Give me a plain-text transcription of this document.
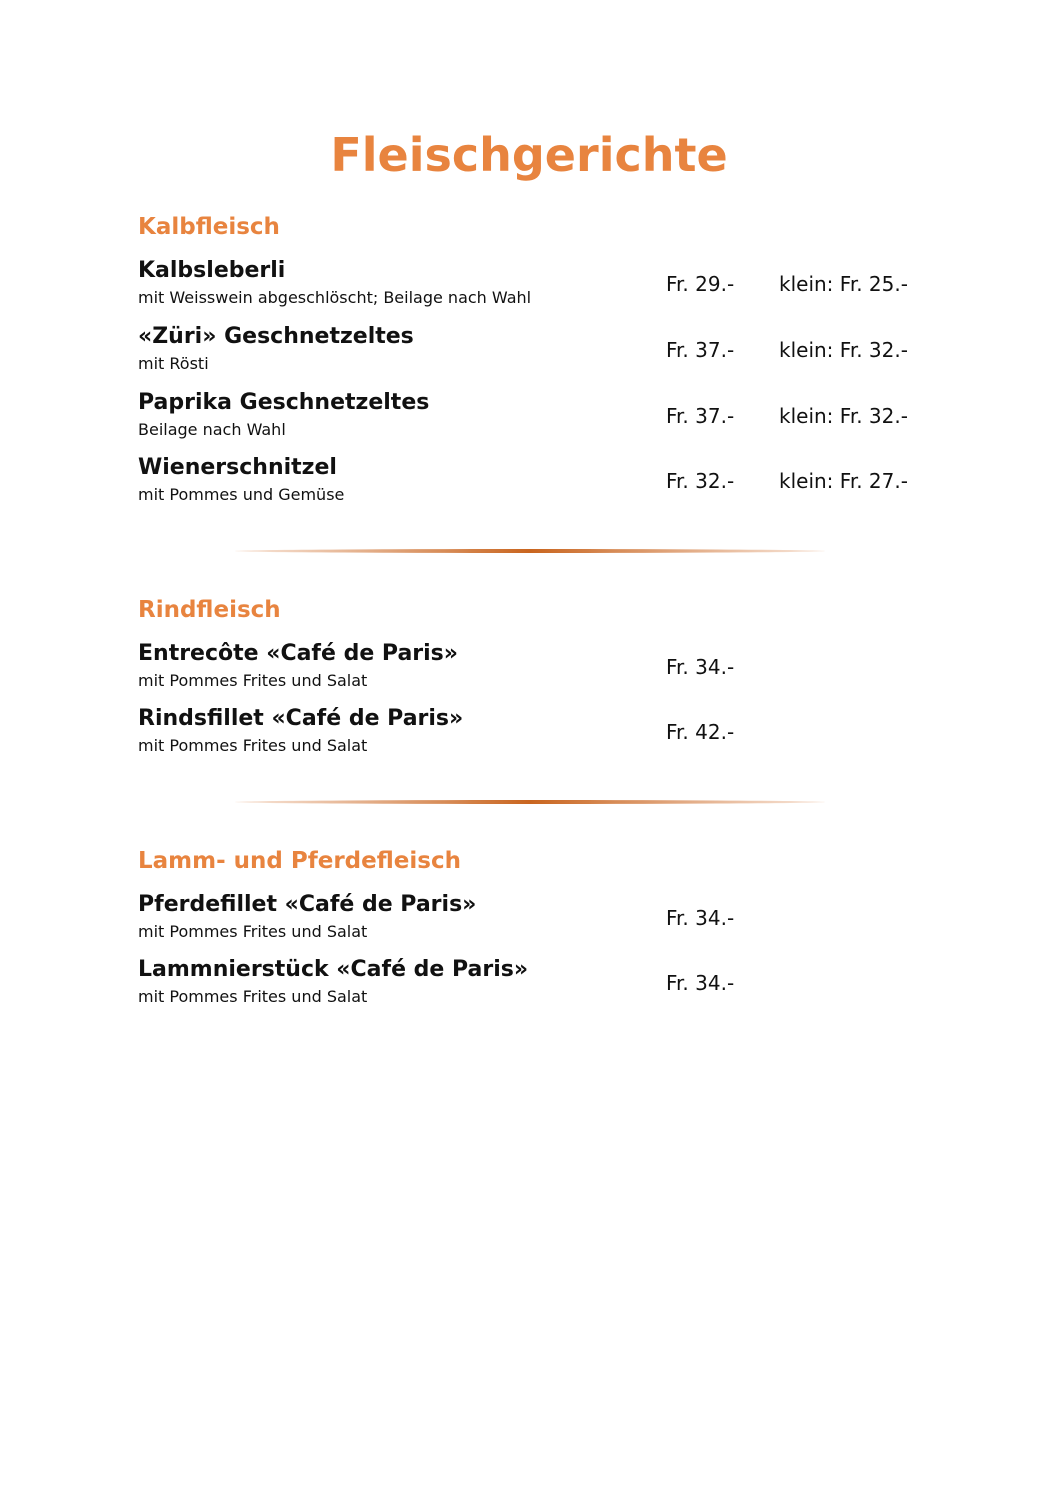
Fleischgerichte
Kalbfleisch
Kalbsleberli
mit Weisswein abgeschlöscht; Beilage nach Wahl
Fr. 29.- klein: Fr. 25.-
«Züri» Geschnetzeltes
mit Rösti
Fr. 37.- klein: Fr. 32.-
Paprika Geschnetzeltes
Beilage nach Wahl
Fr. 37.- klein: Fr. 32.-
Wienerschnitzel
mit Pommes und Gemüse
Fr. 32.- klein: Fr. 27.-
Rindfleisch
Entrecôte «Café de Paris»
mit Pommes Frites und Salat
Fr. 34.-
Rindsfillet «Café de Paris»
mit Pommes Frites und Salat
Fr. 42.-
Lamm- und Pferdefleisch
Pferdefillet «Café de Paris»
mit Pommes Frites und Salat
Fr. 34.-
Lammnierstück «Café de Paris»
mit Pommes Frites und Salat
Fr. 34.-
